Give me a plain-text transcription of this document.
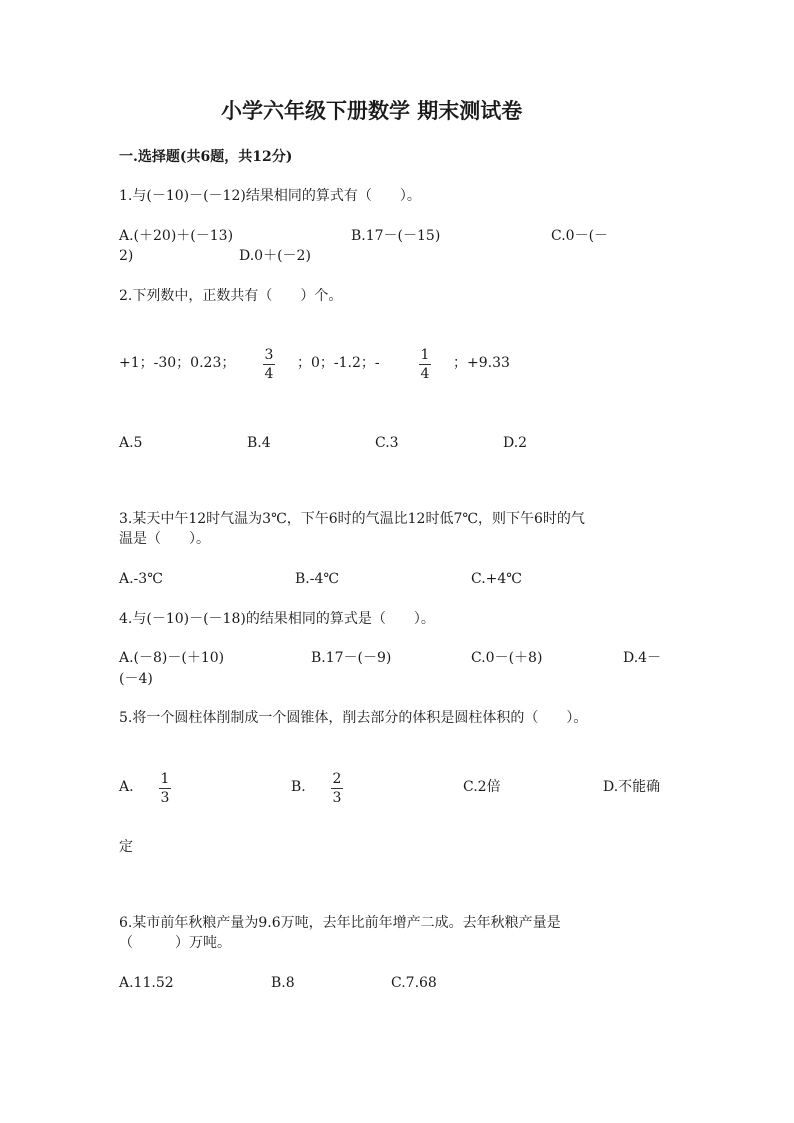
小学六年级下册数学 期末测试卷
一.选择题(共6题，共12分)
1.与(－10)－(－12)结果相同的算式有（　　）。
A.(＋20)＋(－13)	B.17－(－15)	C.0－(－
2)	D.0＋(－2)
2.下列数中，正数共有（　　）个。
+1；-30；0.23； 3
4
；0；-1.2；-	1
4
；+9.33
A.5	B.4	C.3	D.2
3.某天中午12时气温为3℃，下午6时的气温比12时低7℃，则下午6时的气
温是（　　）。
A.-3℃	B.-4℃	C.+4℃
4.与(－10)－(－18)的结果相同的算式是（　　）。
A.(－8)－(＋10)	B.17－(－9)	C.0－(＋8)	D.4－
(－4)
5.将一个圆柱体削制成一个圆锥体，削去部分的体积是圆柱体积的（　　）。
A. 1
3
B. 2
3
C.2倍	D.不能确
定
6.某市前年秋粮产量为9.6万吨，去年比前年增产二成。去年秋粮产量是
（　　　）万吨。
A.11.52	B.8	C.7.68
